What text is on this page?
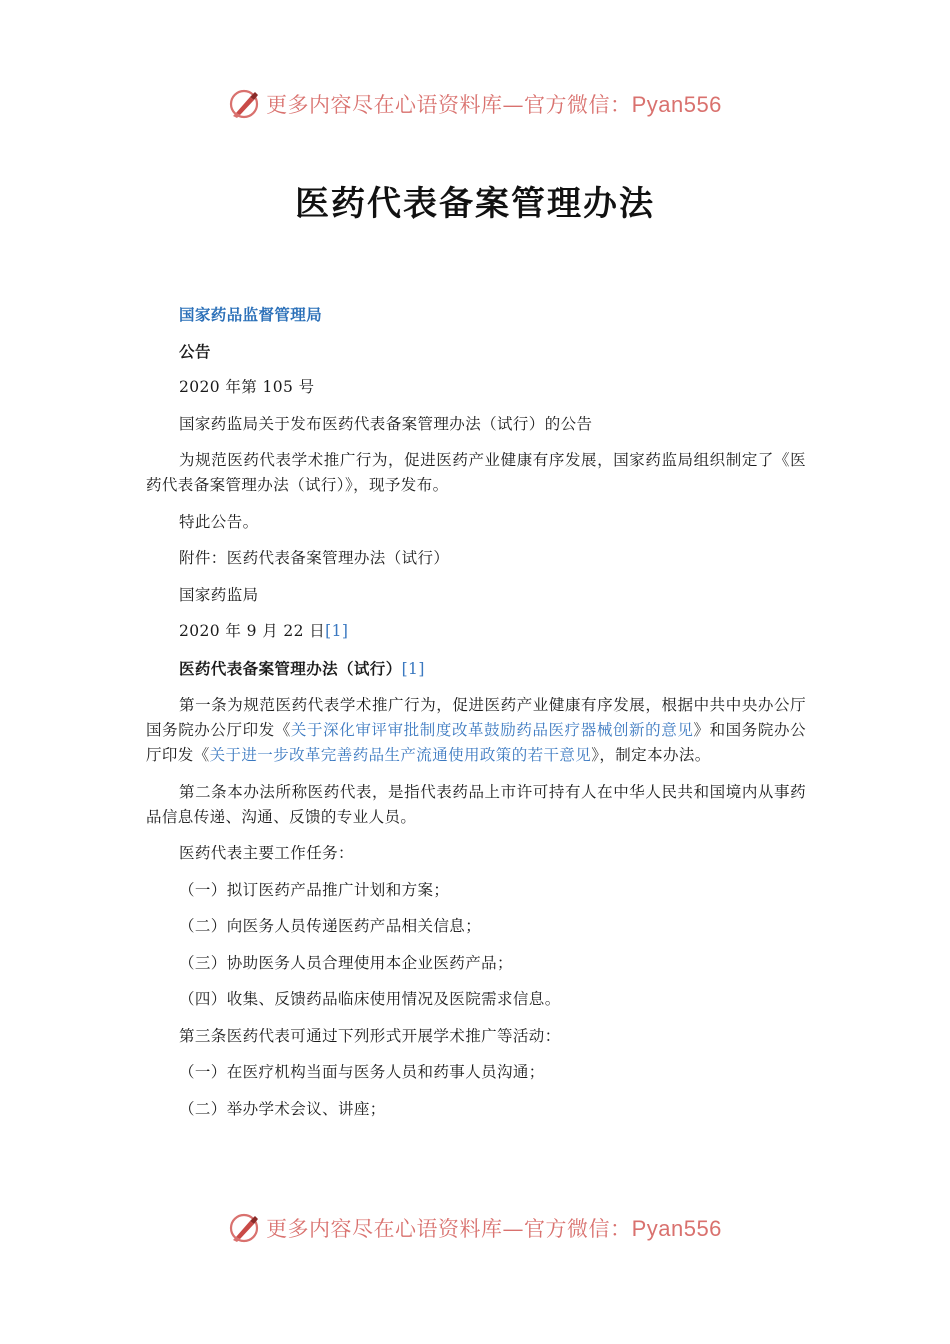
更多内容尽在心语资料库—官方微信：Pyan556
医药代表备案管理办法

国家药品监督管理局

公告

2020 年第 105 号

国家药监局关于发布医药代表备案管理办法（试行）的公告

为规范医药代表学术推广行为，促进医药产业健康有序发展，国家药监局组织制定了《医药代表备案管理办法（试行）》，现予发布。

特此公告。

附件：医药代表备案管理办法（试行）

国家药监局

2020 年 9 月 22 日[1]

医药代表备案管理办法（试行）[1]

第一条为规范医药代表学术推广行为，促进医药产业健康有序发展，根据中共中央办公厅国务院办公厅印发《关于深化审评审批制度改革鼓励药品医疗器械创新的意见》和国务院办公厅印发《关于进一步改革完善药品生产流通使用政策的若干意见》，制定本办法。

第二条本办法所称医药代表，是指代表药品上市许可持有人在中华人民共和国境内从事药品信息传递、沟通、反馈的专业人员。

医药代表主要工作任务：

（一）拟订医药产品推广计划和方案；

（二）向医务人员传递医药产品相关信息；

（三）协助医务人员合理使用本企业医药产品；

（四）收集、反馈药品临床使用情况及医院需求信息。

第三条医药代表可通过下列形式开展学术推广等活动：

（一）在医疗机构当面与医务人员和药事人员沟通；

（二）举办学术会议、讲座；

更多内容尽在心语资料库—官方微信：Pyan556
